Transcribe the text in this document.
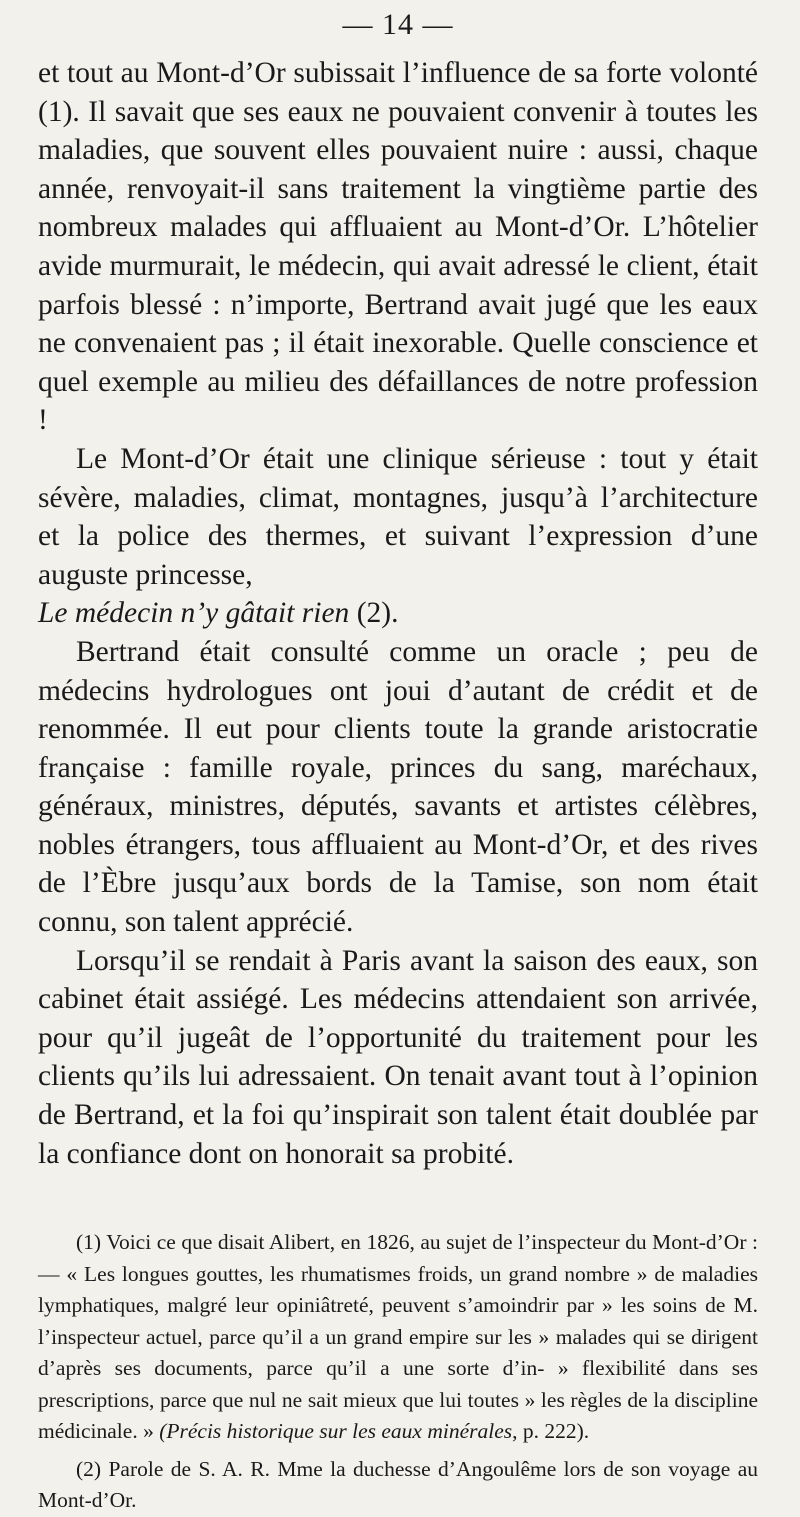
— 14 —

et tout au Mont-d’Or subissait l’influence de sa forte volonté (1). Il savait que ses eaux ne pouvaient convenir à toutes les maladies, que souvent elles pouvaient nuire : aussi, chaque année, renvoyait-il sans traitement la vingtième partie des nombreux malades qui affluaient au Mont-d’Or. L’hôtelier avide murmurait, le médecin, qui avait adressé le client, était parfois blessé : n’importe, Bertrand avait jugé que les eaux ne convenaient pas ; il était inexorable. Quelle conscience et quel exemple au milieu des défaillances de notre profession !

Le Mont-d’Or était une clinique sérieuse : tout y était sévère, maladies, climat, montagnes, jusqu’à l’architecture et la police des thermes, et suivant l’expression d’une auguste princesse,
Le médecin n’y gâtait rien (2).

Bertrand était consulté comme un oracle ; peu de médecins hydrologues ont joui d’autant de crédit et de renommée. Il eut pour clients toute la grande aristocratie française : famille royale, princes du sang, maréchaux, généraux, ministres, députés, savants et artistes célèbres, nobles étrangers, tous affluaient au Mont-d’Or, et des rives de l’Èbre jusqu’aux bords de la Tamise, son nom était connu, son talent apprécié.

Lorsqu’il se rendait à Paris avant la saison des eaux, son cabinet était assiégé. Les médecins attendaient son arrivée, pour qu’il jugeât de l’opportunité du traitement pour les clients qu’ils lui adressaient. On tenait avant tout à l’opinion de Bertrand, et la foi qu’inspirait son talent était doublée par la confiance dont on honorait sa probité.

(1) Voici ce que disait Alibert, en 1826, au sujet de l’inspecteur du Mont-d’Or : — « Les longues gouttes, les rhumatismes froids, un grand nombre » de maladies lymphatiques, malgré leur opiniâtreté, peuvent s’amoindrir par » les soins de M. l’inspecteur actuel, parce qu’il a un grand empire sur les » malades qui se dirigent d’après ses documents, parce qu’il a une sorte d’in- » flexibilité dans ses prescriptions, parce que nul ne sait mieux que lui toutes » les règles de la discipline médicinale. » (Précis historique sur les eaux minérales, p. 222).

(2) Parole de S. A. R. Mme la duchesse d’Angoulême lors de son voyage au Mont-d’Or.
